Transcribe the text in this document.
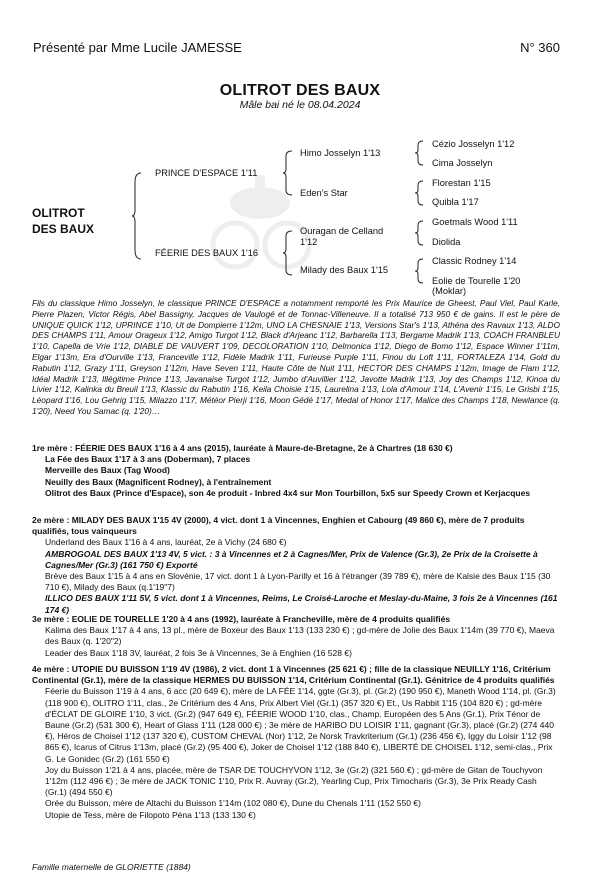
Présenté par Mme Lucile JAMESSE	N° 360
OLITROT DES BAUX
Mâle bai né le 08.04.2024
OLITROT
DES BAUX
PRINCE D'ESPACE 1'11
FÉERIE DES BAUX 1'16
Himo Josselyn 1'13
Eden's Star
Ouragan de Celland
1'12
Milady des Baux 1'15
Cézio Josselyn 1'12
Cima Josselyn
Florestan 1'15
Quibla 1'17
Goetmals Wood 1'11
Diolida
Classic Rodney 1'14
Eolie de Tourelle 1'20
(Moklar)
Fils du classique Himo Josselyn, le classique PRINCE D'ESPACE a notamment remporté les Prix Maurice de Gheest, Paul Viel, Paul Karle, Pierre Plazen, Victor Régis, Abel Bassigny, Jacques de Vaulogé et de Tonnac-Villeneuve. Il a totalisé 713 950 € de gains. Il est le père de UNIQUE QUICK 1'12, UPRINCE 1'10, Ut de Dompierre 1'12m, UNO LA CHESNAIE 1'13, Versions Star's 1'13, Athéna des Ravaux 1'13, ALDO DES CHAMPS 1'11, Amour Orageux 1'12, Amigo Turgot 1'12, Black d'Arjeanc 1'12, Barbarella 1'13, Bergame Madrik 1'13, COACH FRANBLEU 1'10, Capella de Vrie 1'12, DIABLE DE VAUVERT 1'09, DECOLORATION 1'10, Delmonica 1'12, Diego de Bomo 1'12, Espace Winner 1'11m, Elgar 1'13m, Era d'Ourville 1'13, Franceville 1'12, Fidèle Madrik 1'11, Furieuse Purple 1'11, Finou du Loft 1'11, FORTALEZA 1'14, Gold du Rabutin 1'12, Grazy 1'11, Greyson 1'12m, Have Seven 1'11, Haute Côte de Nuit 1'11, HECTOR DES CHAMPS 1'12m, Image de Flam 1'12, Idéal Madrik 1'13, Illégitime Prince 1'13, Javanaise Turgot 1'12, Jumbo d'Auvillier 1'12, Javotte Madrik 1'13, Joy des Champs 1'12, Kinoa du Livier 1'12, Kalinka du Breuil 1'13, Klassic du Rabutin 1'16, Keila Choisie 1'15, Laurelina 1'13, Lola d'Amour 1'14, L'Avenir 1'15, Le Grisbi 1'15, Léopard 1'16, Lou Gehrig 1'15, Milazzo 1'17, Météor Pierji 1'16, Moon Gédé 1'17, Medal of Honor 1'17, Malice des Champs 1'18, Newlance (q. 1'20), Need You Samac (q. 1'20)…
1re mère : FÉERIE DES BAUX 1'16 à 4 ans (2015), lauréate à Maure-de-Bretagne, 2e à Chartres (18 630 €)
La Fée des Baux 1'17 à 3 ans (Doberman), 7 places
Merveille des Baux (Tag Wood)
Neuilly des Baux (Magnificent Rodney), à l'entraînement
Olitrot des Baux (Prince d'Espace), son 4e produit - Inbred 4x4 sur Mon Tourbillon, 5x5 sur Speedy Crown et Kerjacques
2e mère : MILADY DES BAUX 1'15 4V (2000), 4 vict. dont 1 à Vincennes, Enghien et Cabourg (49 860 €), mère de 7 produits qualifiés, tous vainqueurs
Underland des Baux 1'16 à 4 ans, lauréat, 2e à Vichy (24 680 €)
AMBROGOAL DES BAUX 1'13 4V, 5 vict. : 3 à Vincennes et 2 à Cagnes/Mer, Prix de Valence (Gr.3), 2e Prix de la Croisette à Cagnes/Mer (Gr.3) (161 750 €) Exporté
Brève des Baux 1'15 à 4 ans en Slovénie, 17 vict. dont 1 à Lyon-Parilly et 16 à l'étranger (39 789 €), mère de Kalsie des Baux 1'15 (30 710 €), Milady des Baux (q.1'19"7)
ILLICO DES BAUX 1'11 5V, 5 vict. dont 1 à Vincennes, Reims, Le Croisé-Laroche et Meslay-du-Maine, 3 fois 2e à Vincennes (161 174 €)
3e mère : EOLIE DE TOURELLE 1'20 à 4 ans (1992), lauréate à Francheville, mère de 4 produits qualifiés
Kalima des Baux 1'17 à 4 ans, 13 pl., mère de Boxeur des Baux 1'13 (133 230 €) ; gd-mère de Jolie des Baux 1'14m (39 770 €), Maeva des Baux (q. 1'20"2)
Leader des Baux 1'18 3V, lauréat, 2 fois 3e à Vincennes, 3e à Enghien (16 528 €)
4e mère : UTOPIE DU BUISSON 1'19 4V (1986), 2 vict. dont 1 à Vincennes (25 621 €) ; fille de la classique NEUILLY 1'16, Critérium Continental (Gr.1), mère de la classique HERMES DU BUISSON 1'14, Critérium Continental (Gr.1). Génitrice de 4 produits qualifiés
Féerie du Buisson 1'19 à 4 ans, 6 acc (20 649 €), mère de LA FÉE 1'14, ggte (Gr.3), pl. (Gr.2) (190 950 €), Maneth Wood 1'14, pl. (Gr.3) (118 900 €), OLITRO 1'11, clas., 2e Critérium des 4 Ans, Prix Albert Viel (Gr.1) (357 320 €) Et., Us Rabbit 1'15 (104 820 €) ; gd-mère d'ÉCLAT DE GLOIRE 1'10, 3 vict. (Gr.2) (947 649 €), FÉERIE WOOD 1'10, clas., Champ. Européen des 5 Ans (Gr.1), Prix Ténor de Baune (Gr.2) (531 300 €), Heart of Glass 1'11 (128 000 €) ; 3e mère de HARIBO DU LOISIR 1'11, gagnant (Gr.3), placé (Gr.2) (274 440 €), Héros de Choisel 1'12 (137 320 €), CUSTOM CHEVAL (Nor) 1'12, 2e Norsk Travkriterium (Gr.1) (236 456 €), Iggy du Loisir 1'12 (98 865 €), Icarus of Citrus 1'13m, placé (Gr.2) (95 400 €), Joker de Choisel 1'12 (188 840 €), LIBERTÉ DE CHOISEL 1'12, semi-clas., Prix G. Le Gonidec (Gr.2) (161 550 €)
Joy du Buisson 1'21 à 4 ans, placée, mère de TSAR DE TOUCHYVON 1'12, 3e (Gr.2) (321 560 €) ; gd-mère de Gitan de Touchyvon 1'12m (112 496 €) ; 3e mère de JACK TONIC 1'10, Prix R. Auvray (Gr.2), Yearling Cup, Prix Timocharis (Gr.3), 3e Prix Ready Cash (Gr.1) (494 550 €)
Orée du Buisson, mère de Altachi du Buisson 1'14m (102 080 €), Dune du Chenals 1'11 (152 550 €)
Utopie de Tess, mère de Filopoto Péna 1'13 (133 130 €)
Famille maternelle de GLORIETTE (1884)
